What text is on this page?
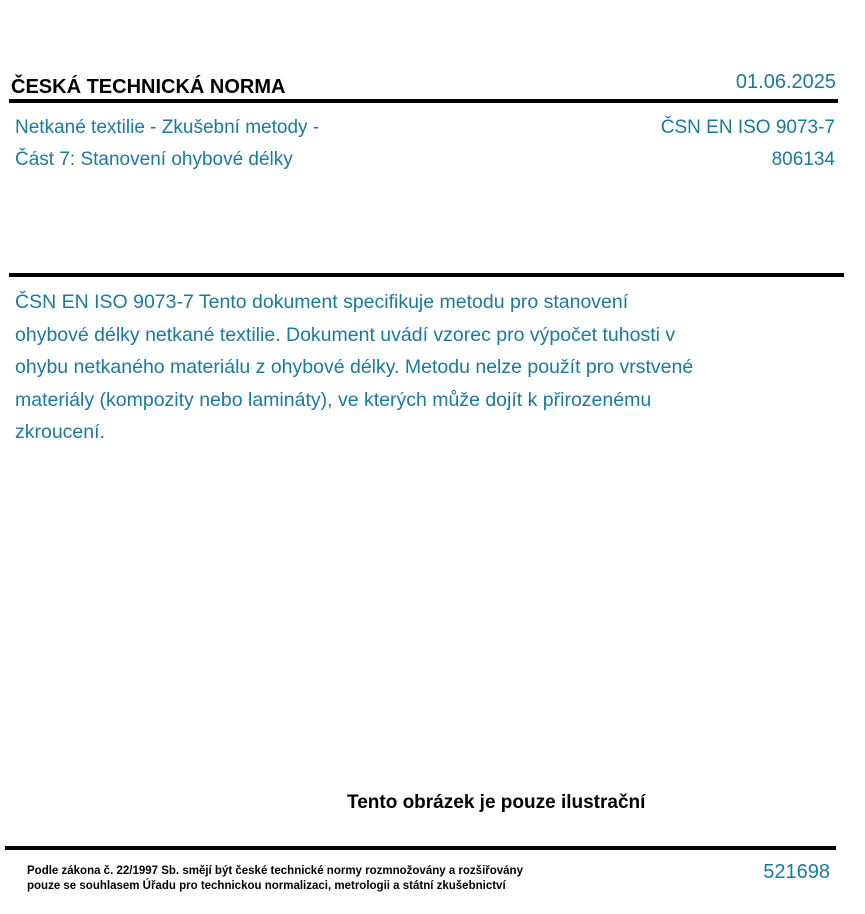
ČESKÁ TECHNICKÁ NORMA	01.06.2025
Netkané textilie - Zkušební metody -
Část 7: Stanovení ohybové délky
ČSN EN ISO 9073-7
806134
ČSN EN ISO 9073-7 Tento dokument specifikuje metodu pro stanovení ohybové délky netkané textilie. Dokument uvádí vzorec pro výpočet tuhosti v ohybu netkaného materiálu z ohybové délky. Metodu nelze použít pro vrstvené materiály (kompozity nebo lamináty), ve kterých může dojít k přirozenému zkroucení.
Tento obrázek je pouze ilustrační
Podle zákona č. 22/1997 Sb. smějí být české technické normy rozmnožovány a rozšiřovány
pouze se souhlasem Úřadu pro technickou normalizaci, metrologii a státní zkušebnictví
521698
